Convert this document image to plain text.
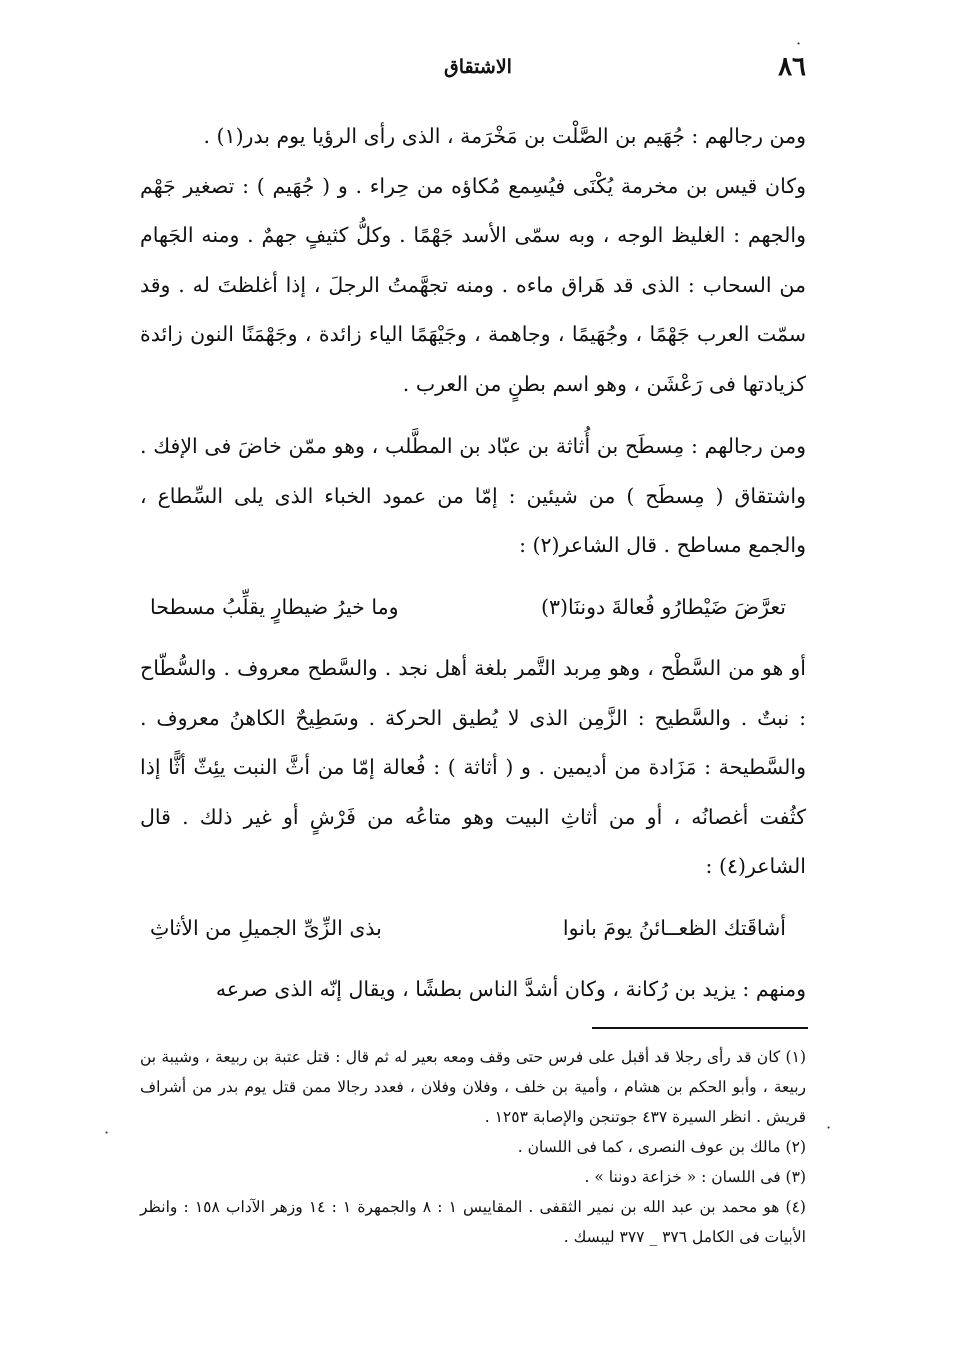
٨٦
الاشتقاق

ومن رجالهم : جُهَيم بن الصَّلْت بن مَخْرَمة ، الذى رأى الرؤيا يوم بدر(١) .

وكان قيس بن مخرمة يُكْنَى فيُسِمع مُكاؤه من حِراء . و ( جُهَيم ) : تصغير جَهْم والجهم : الغليظ الوجه ، وبه سمّى الأسد جَهْمًا . وكلُّ كثيفٍ جهمٌ . ومنه الجَهام من السحاب : الذى قد هَراق ماءه . ومنه تجهَّمتُ الرجلَ ، إذا أغلظتَ له . وقد سمّت العرب جَهْمًا ، وجُهَيمًا ، وجاهمة ، وجَيْهَمًا الياء زائدة ، وجَهْمَنًا النون زائدة كزيادتها فى رَعْشَن ، وهو اسم بطنٍ من العرب .

ومن رجالهم : مِسطَح بن أُثاثة بن عبّاد بن المطَّلب ، وهو ممّن خاضَ فى الإفك . واشتقاق ( مِسطَح ) من شيئين : إمّا من عمود الخباء الذى يلى السِّطاع ، والجمع مساطح . قال الشاعر(٢) :

تعرَّضَ ضَيْطارُو فُعالةَ دوننَا(٣)
وما خيرُ ضيطارٍ يقلِّبُ مسطحا

أو هو من السَّطْح ، وهو مِربد التَّمر بلغة أهل نجد . والسَّطح معروف . والسُّطّاح : نبتٌ . والسَّطيح : الزَّمِن الذى لا يُطيق الحركة . وسَطِيحٌ الكاهنُ معروف . والسَّطيحة : مَزَادة من أديمين . و ( أثاثة ) : فُعالة إمّا من أثَّ النبت يئِثّ أثًّا إذا كثُفت أغصانُه ، أو من أثاثِ البيت وهو متاعُه من فَرْشٍ أو غير ذلك . قال الشاعر(٤) :

أشاقَتك الظعــائنُ يومَ بانوا
بذى الزِّىِّ الجميلِ من الأثاثِ

ومنهم : يزيد بن رُكانة ، وكان أشدَّ الناس بطشًا ، ويقال إنّه الذى صرعه

(١) كان قد رأى رجلا قد أقبل على فرس حتى وقف ومعه بعير له ثم قال : قتل عتبة بن ربيعة ، وشيبة بن ربيعة ، وأبو الحكم بن هشام ، وأمية بن خلف ، وفلان وفلان ، فعدد رجالا ممن قتل يوم بدر من أشراف قريش . انظر السيرة ٤٣٧ جوتنجن والإصابة ١٢٥٣ .

(٢) مالك بن عوف النصرى ، كما فى اللسان .

(٣) فى اللسان : « خزاعة دوننا » .

(٤) هو محمد بن عبد الله بن نمير الثقفى . المقاييس ١ : ٨ والجمهرة ١ : ١٤ وزهر الآداب ١٥٨ : وانظر الأبيات فى الكامل ٣٧٦ _ ٣٧٧ ليبسك .

·
·	·
